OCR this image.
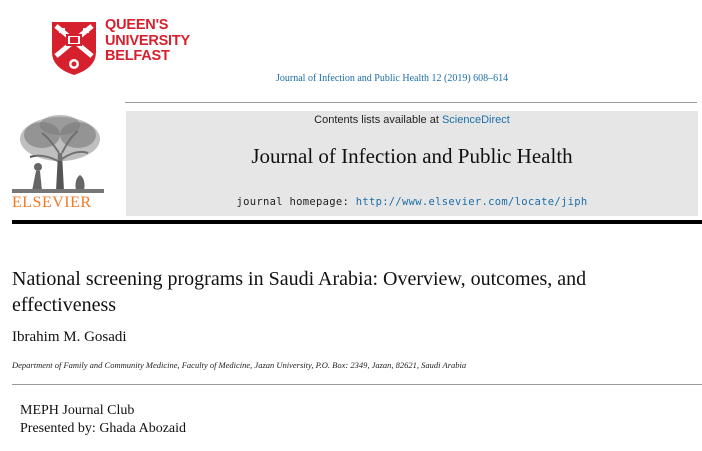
QUEEN'S
UNIVERSITY
BELFAST
Journal of Infection and Public Health 12 (2019) 608–614
ELSEVIER
Contents lists available at ScienceDirect
Journal of Infection and Public Health
journal homepage: http://www.elsevier.com/locate/jiph
National screening programs in Saudi Arabia: Overview, outcomes, and effectiveness
Ibrahim M. Gosadi
Department of Family and Community Medicine, Faculty of Medicine, Jazan University, P.O. Box: 2349, Jazan, 82621, Saudi Arabia
MEPH Journal Club
Presented by: Ghada Abozaid
